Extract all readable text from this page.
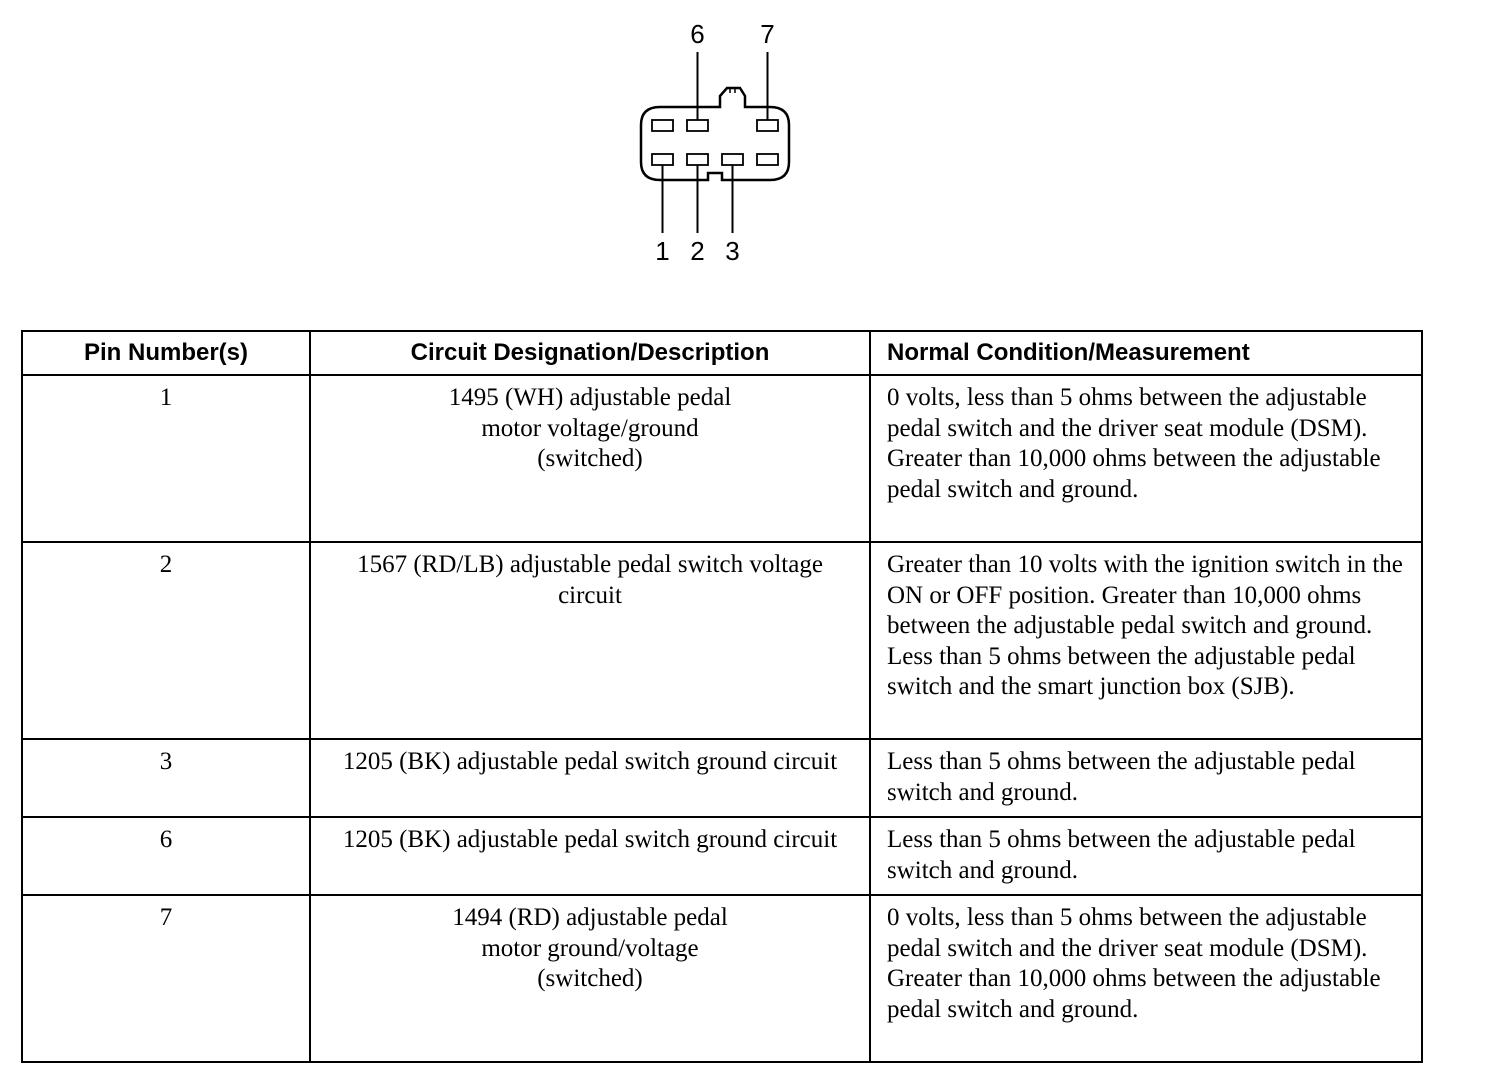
6 7
1 2 3
Pin Number(s)	Circuit Designation/Description	Normal Condition/Measurement
1	1495 (WH) adjustable pedal motor voltage/ground (switched)	0 volts, less than 5 ohms between the adjustable pedal switch and the driver seat module (DSM). Greater than 10,000 ohms between the adjustable pedal switch and ground.
2	1567 (RD/LB) adjustable pedal switch voltage circuit	Greater than 10 volts with the ignition switch in the ON or OFF position. Greater than 10,000 ohms between the adjustable pedal switch and ground. Less than 5 ohms between the adjustable pedal switch and the smart junction box (SJB).
3	1205 (BK) adjustable pedal switch ground circuit	Less than 5 ohms between the adjustable pedal switch and ground.
6	1205 (BK) adjustable pedal switch ground circuit	Less than 5 ohms between the adjustable pedal switch and ground.
7	1494 (RD) adjustable pedal motor ground/voltage (switched)	0 volts, less than 5 ohms between the adjustable pedal switch and the driver seat module (DSM). Greater than 10,000 ohms between the adjustable pedal switch and ground.
